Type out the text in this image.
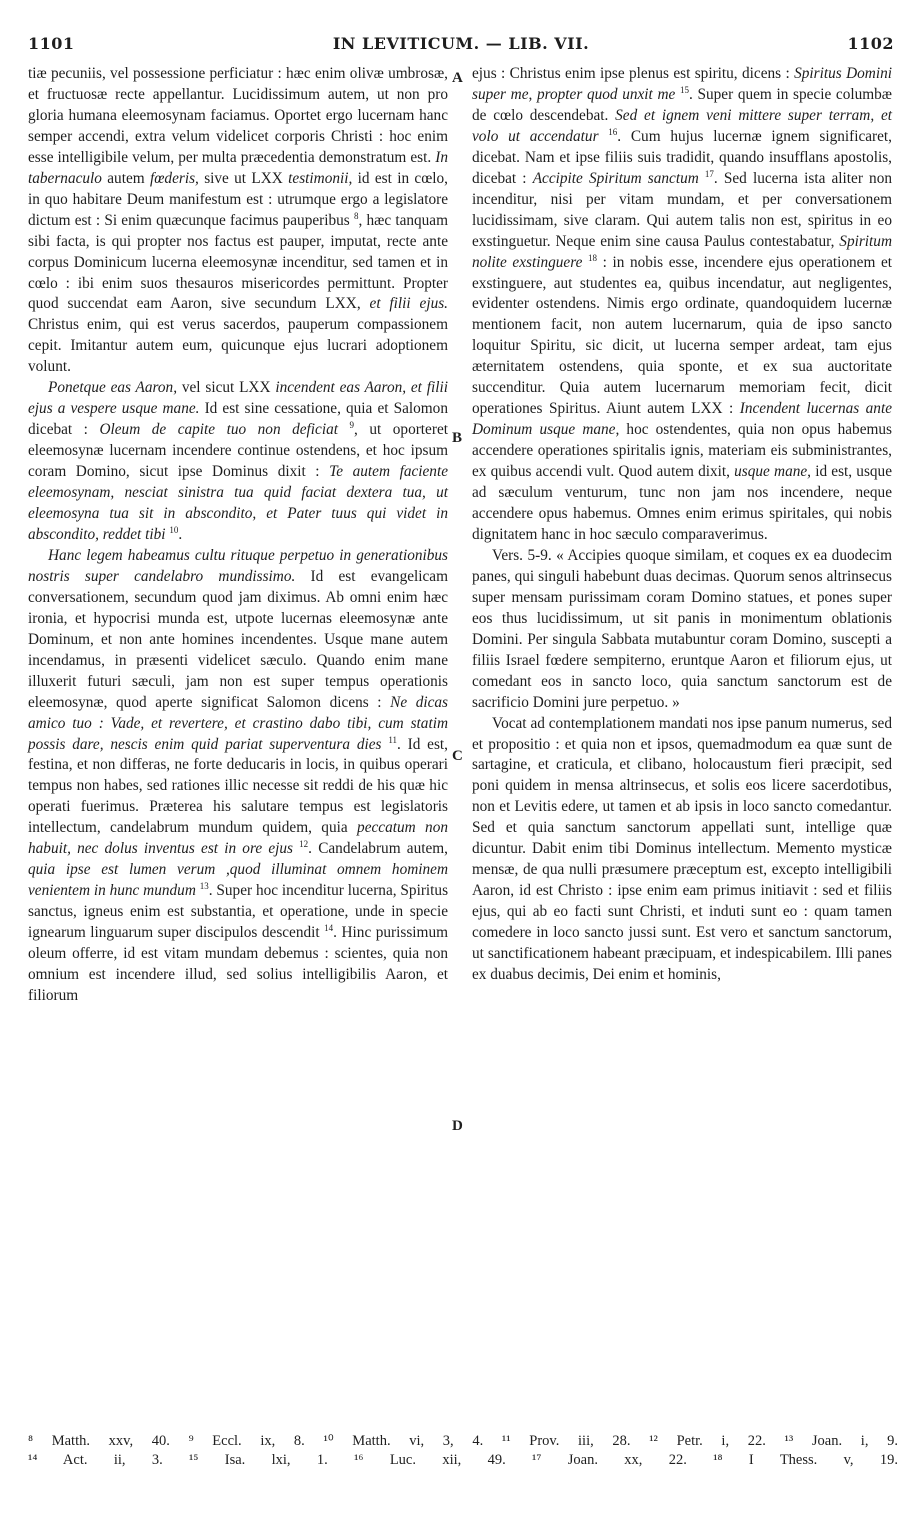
1101	IN LEVITICUM. — LIB. VII.	1102

tiæ pecuniis, vel possessione perficiatur : hæc enim olivæ umbrosæ, et fructuosæ recte appellantur. Lucidissimum autem, ut non pro gloria humana eleemosynam faciamus. Oportet ergo lucernam hanc semper accendi, extra velum videlicet corporis Christi : hoc enim esse intelligibile velum, per multa præcedentia demonstratum est. In tabernaculo autem fœderis, sive ut LXX testimonii, id est in cœlo, in quo habitare Deum manifestum est : utrumque ergo a legislatore dictum est : Si enim quæcunque facimus pauperibus $^8$, hæc tanquam sibi facta, is qui propter nos factus est pauper, imputat, recte ante corpus Dominicum lucerna eleemosynæ incenditur, sed tamen et in cœlo : ibi enim suos thesauros misericordes permittunt. Propter quod succendat eam Aaron, sive secundum LXX, et filii ejus. Christus enim, qui est verus sacerdos, pauperum compassionem cepit. Imitantur autem eum, quicunque ejus lucrari adoptionem volunt.

Ponetque eas Aaron, vel sicut LXX incendent eas Aaron, et filii ejus a vespere usque mane. Id est sine cessatione, quia et Salomon dicebat : Oleum de capite tuo non deficiat $^9$, ut oporteret eleemosynæ lucernam incendere continue ostendens, et hoc ipsum coram Domino, sicut ipse Dominus dixit : Te autem faciente eleemosynam, nesciat sinistra tua quid faciat dextera tua, ut eleemosyna tua sit in abscondito, et Pater tuus qui videt in abscondito, reddet tibi $^{10}$.

Hanc legem habeamus cultu rituque perpetuo in generationibus nostris super candelabro mundissimo. Id est evangelicam conversationem, secundum quod jam diximus. Ab omni enim hæc ironia, et hypocrisi munda est, utpote lucernas eleemosynæ ante Dominum, et non ante homines incendentes. Usque mane autem incendamus, in præsenti videlicet sæculo. Quando enim mane illuxerit futuri sæculi, jam non est super tempus operationis eleemosynæ, quod aperte significat Salomon dicens : Ne dicas amico tuo : Vade, et revertere, et crastino dabo tibi, cum statim possis dare, nescis enim quid pariat superventura dies $^{11}$. Id est, festina, et non differas, ne forte deducaris in locis, in quibus operari tempus non habes, sed rationes illic necesse sit reddi de his quæ hic operati fuerimus. Præterea his salutare tempus est legislatoris intellectum, candelabrum mundum quidem, quia peccatum non habuit, nec dolus inventus est in ore ejus $^{12}$. Candelabrum autem, quia ipse est lumen verum ,quod illuminat omnem hominem venientem in hunc mundum $^{13}$. Super hoc incenditur lucerna, Spiritus sanctus, igneus enim est substantia, et operatione, unde in specie ignearum linguarum super discipulos descendit $^{14}$. Hinc purissimum oleum offerre, id est vitam mundam debemus : scientes, quia non omnium est incendere illud, sed solius intelligibilis Aaron, et filiorum

ejus : Christus enim ipse plenus est spiritu, dicens : Spiritus Domini super me, propter quod unxit me $^{15}$. Super quem in specie columbæ de cœlo descendebat. Sed et ignem veni mittere super terram, et volo ut accendatur $^{16}$. Cum hujus lucernæ ignem significaret, dicebat. Nam et ipse filiis suis tradidit, quando insufflans apostolis, dicebat : Accipite Spiritum sanctum $^{17}$. Sed lucerna ista aliter non incenditur, nisi per vitam mundam, et per conversationem lucidissimam, sive claram. Qui autem talis non est, spiritus in eo exstinguetur. Neque enim sine causa Paulus contestabatur, Spiritum nolite exstinguere $^{18}$ : in nobis esse, incendere ejus operationem et exstinguere, aut studentes ea, quibus incendatur, aut negligentes, evidenter ostendens. Nimis ergo ordinate, quandoquidem lucernæ mentionem facit, non autem lucernarum, quia de ipso sancto loquitur Spiritu, sic dicit, ut lucerna semper ardeat, tam ejus æternitatem ostendens, quia sponte, et ex sua auctoritate succenditur. Quia autem lucernarum memoriam fecit, dicit operationes Spiritus. Aiunt autem LXX : Incendent lucernas ante Dominum usque mane, hoc ostendentes, quia non opus habemus accendere operationes spiritalis ignis, materiam eis subministrantes, ex quibus accendi vult. Quod autem dixit, usque mane, id est, usque ad sæculum venturum, tunc non jam nos incendere, neque accendere opus habemus. Omnes enim erimus spiritales, qui nobis dignitatem hanc in hoc sæculo comparaverimus.

Vers. 5-9. « Accipies quoque similam, et coques ex ea duodecim panes, qui singuli habebunt duas decimas. Quorum senos altrinsecus super mensam purissimam coram Domino statues, et pones super eos thus lucidissimum, ut sit panis in monimentum oblationis Domini. Per singula Sabbata mutabuntur coram Domino, suscepti a filiis Israel fœdere sempiterno, eruntque Aaron et filiorum ejus, ut comedant eos in sancto loco, quia sanctum sanctorum est de sacrificio Domini jure perpetuo. »

Vocat ad contemplationem mandati nos ipse panum numerus, sed et propositio : et quia non et ipsos, quemadmodum ea quæ sunt de sartagine, et craticula, et clibano, holocaustum fieri præcipit, sed poni quidem in mensa altrinsecus, et solis eos licere sacerdotibus, non et Levitis edere, ut tamen et ab ipsis in loco sancto comedantur. Sed et quia sanctum sanctorum appellati sunt, intellige quæ dicuntur. Dabit enim tibi Dominus intellectum. Memento mysticæ mensæ, de qua nulli præsumere præceptum est, excepto intelligibili Aaron, id est Christo : ipse enim eam primus initiavit : sed et filiis ejus, qui ab eo facti sunt Christi, et induti sunt eo : quam tamen comedere in loco sancto jussi sunt. Est vero et sanctum sanctorum, ut sanctificationem habeant præcipuam, et indespicabilem. Illi panes ex duabus decimis, Dei enim et hominis,

A
B
C
D
⁸ Matth. xxv, 40. ⁹ Eccl. ix, 8. ¹⁰ Matth. vi, 3, 4. ¹¹ Prov. iii, 28. ¹² Petr. i, 22. ¹³ Joan. i, 9.
¹⁴ Act. ii, 3. ¹⁵ Isa. lxi, 1. ¹⁶ Luc. xii, 49. ¹⁷ Joan. xx, 22. ¹⁸ I Thess. v, 19.
